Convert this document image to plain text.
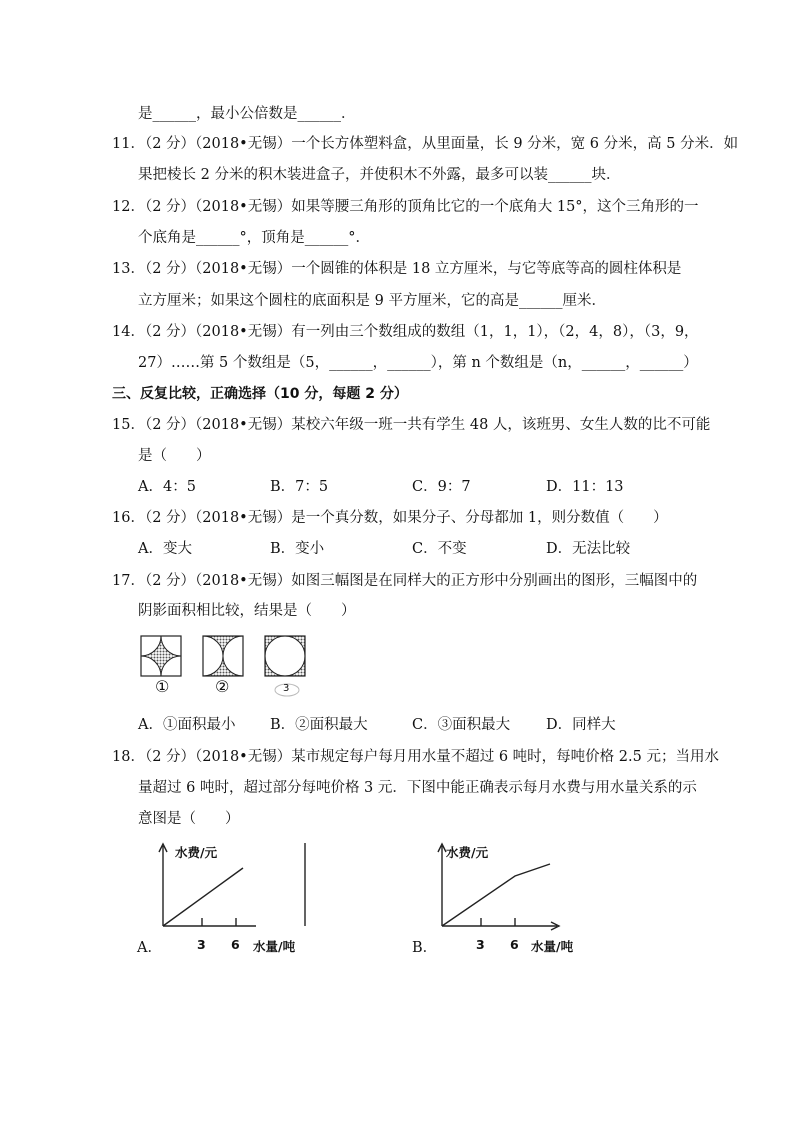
是______，最小公倍数是______．
11．（2 分）（2018•无锡）一个长方体塑料盒，从里面量，长 9 分米，宽 6 分米，高 5 分米．如
果把棱长 2 分米的积木装进盒子，并使积木不外露，最多可以装______块．
12．（2 分）（2018•无锡）如果等腰三角形的顶角比它的一个底角大 15°，这个三角形的一
个底角是______°，顶角是______°．
13．（2 分）（2018•无锡）一个圆锥的体积是 18 立方厘米，与它等底等高的圆柱体积是
立方厘米；如果这个圆柱的底面积是 9 平方厘米，它的高是______厘米．
14．（2 分）（2018•无锡）有一列由三个数组成的数组（1，1，1），（2，4，8），（3，9，
27）……第 5 个数组是（5，______，______），第 n 个数组是（n，______，______）
三、反复比较，正确选择（10 分，每题 2 分）
15．（2 分）（2018•无锡）某校六年级一班一共有学生 48 人，该班男、女生人数的比不可能
是（　　）
A．4：5	B．7：5	C．9：7	D．11：13
16．（2 分）（2018•无锡）是一个真分数，如果分子、分母都加 1，则分数值（　　）
A．变大	B．变小	C．不变	D．无法比较
17．（2 分）（2018•无锡）如图三幅图是在同样大的正方形中分别画出的图形，三幅图中的
阴影面积相比较，结果是（　　）
①	②	3
A．①面积最小 B．②面积最大	C．③面积最大 D．同样大
18．（2 分）（2018•无锡）某市规定每户每月用水量不超过 6 吨时，每吨价格 2.5 元；当用水
量超过 6 吨时，超过部分每吨价格 3 元．下图中能正确表示每月水费与用水量关系的示
意图是（　　）
A．
水费/元
3 6 水量/吨	B．
水费/元
3 6 水量/吨
